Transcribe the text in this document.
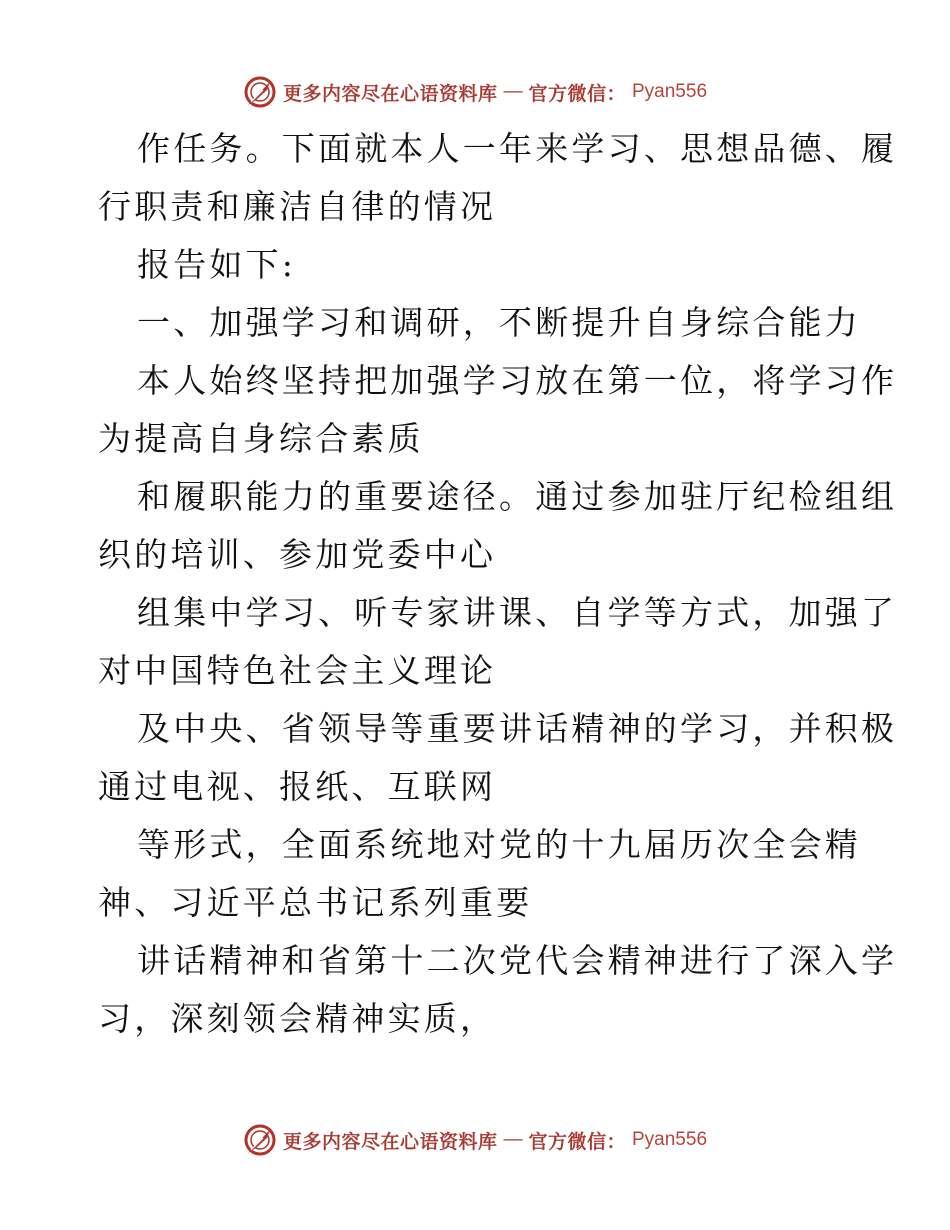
更多内容尽在心语资料库 — 官方微信： Pyan556
作任务。下面就本人一年来学习、思想品德、履
行职责和廉洁自律的情况
报告如下:
一、加强学习和调研，不断提升自身综合能力
本人始终坚持把加强学习放在第一位，将学习作
为提高自身综合素质
和履职能力的重要途径。通过参加驻厅纪检组组
织的培训、参加党委中心
组集中学习、听专家讲课、自学等方式，加强了
对中国特色社会主义理论
及中央、省领导等重要讲话精神的学习，并积极
通过电视、报纸、互联网
等形式，全面系统地对党的十九届历次全会精
神、习近平总书记系列重要
讲话精神和省第十二次党代会精神进行了深入学
习，深刻领会精神实质，
更多内容尽在心语资料库 — 官方微信： Pyan556
